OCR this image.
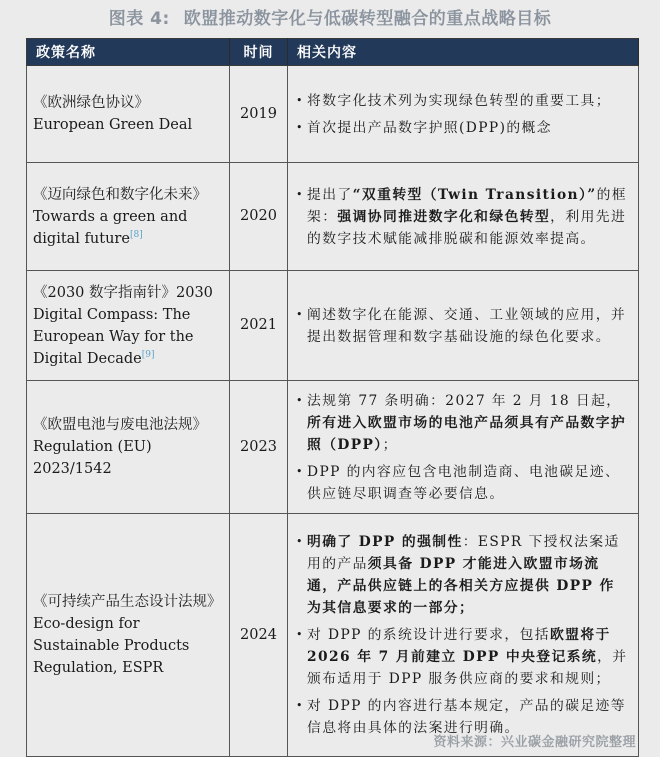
图表 4: 欧盟推动数字化与低碳转型融合的重点战略目标
政策名称	时间	相关内容

《欧洲绿色协议》
European Green Deal
	2019	
• 将数字化技术列为实现绿色转型的重要工具；
• 首次提出产品数字护照(DPP)的概念

《迈向绿色和数字化未来》 Towards a green and digital future[8]	2020	• 提出了“双重转型（Twin Transition）”的框架：强调协同推进数字化和绿色转型，利用先进的数字技术赋能减排脱碳和能源效率提高。

《2030 数字指南针》2030 Digital Compass: The European Way for the Digital Decade[9]	2021	• 阐述数字化在能源、交通、工业领域的应用，并提出数据管理和数字基础设施的绿色化要求。

《欧盟电池与废电池法规》
Regulation (EU) 2023/1542
	2023	
• 法规第 77 条明确：2027 年 2 月 18 日起，所有进入欧盟市场的电池产品须具有产品数字护照（DPP）；
• DPP 的内容应包含电池制造商、电池碳足迹、供应链尽职调查等必要信息。

《可持续产品生态设计法规》
Eco-design for Sustainable Products Regulation, ESPR
	2024	
• 明确了 DPP 的强制性：ESPR 下授权法案适用的产品须具备 DPP 才能进入欧盟市场流通，产品供应链上的各相关方应提供 DPP 作为其信息要求的一部分；
• 对 DPP 的系统设计进行要求，包括欧盟将于 2026 年 7 月前建立 DPP 中央登记系统，并颁布适用于 DPP 服务供应商的要求和规则；
• 对 DPP 的内容进行基本规定，产品的碳足迹等信息将由具体的法案进行明确。
资料来源：兴业碳金融研究院整理
